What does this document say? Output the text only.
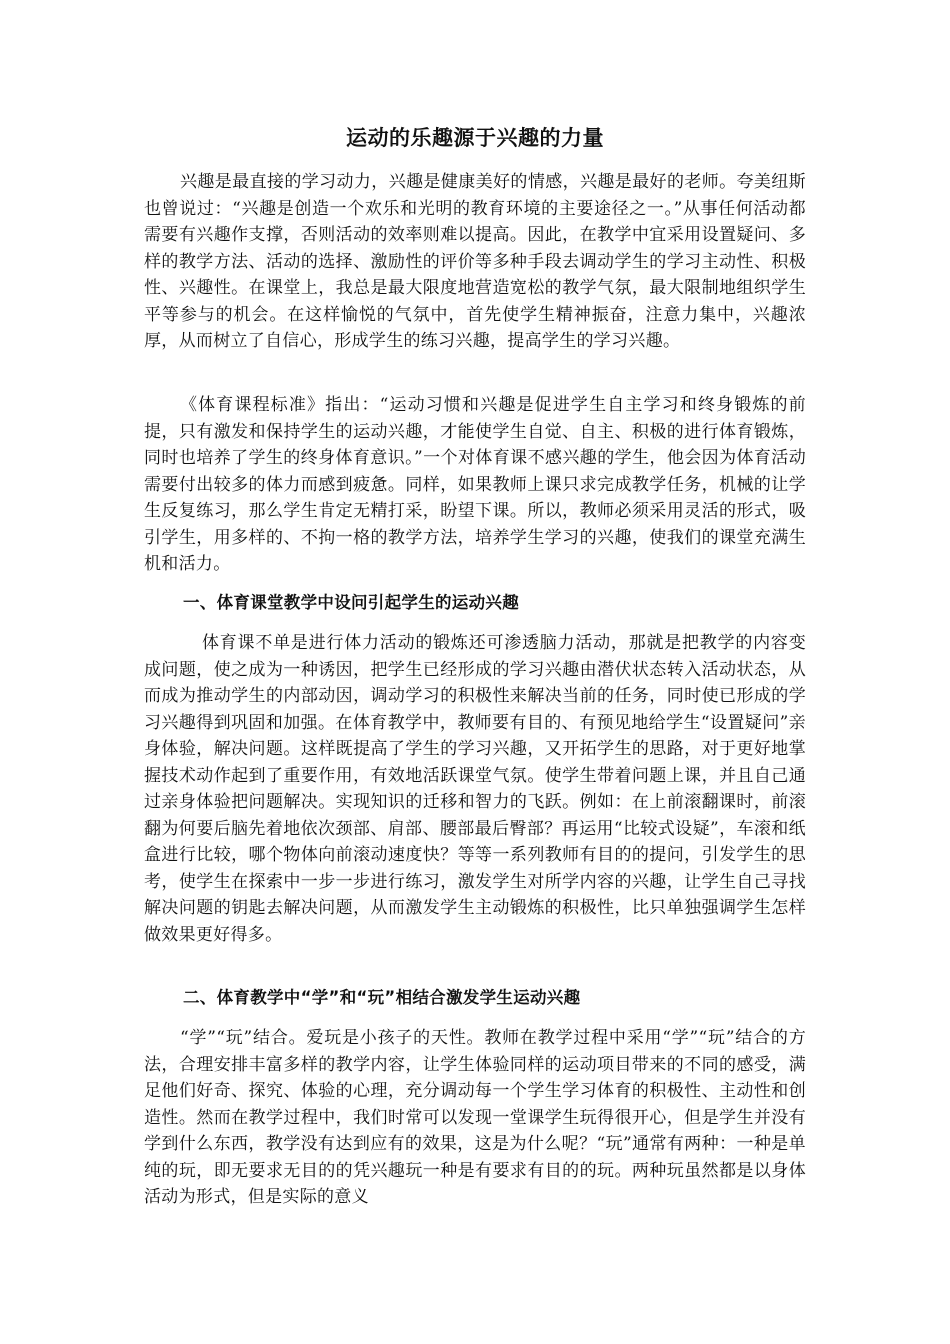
运动的乐趣源于兴趣的力量

兴趣是最直接的学习动力，兴趣是健康美好的情感，兴趣是最好的老师。夸美纽斯也曾说过：“兴趣是创造一个欢乐和光明的教育环境的主要途径之一。”从事任何活动都需要有兴趣作支撑，否则活动的效率则难以提高。因此，在教学中宜采用设置疑问、多样的教学方法、活动的选择、激励性的评价等多种手段去调动学生的学习主动性、积极性、兴趣性。在课堂上，我总是最大限度地营造宽松的教学气氛，最大限制地组织学生平等参与的机会。在这样愉悦的气氛中，首先使学生精神振奋，注意力集中，兴趣浓厚，从而树立了自信心，形成学生的练习兴趣，提高学生的学习兴趣。

《体育课程标准》指出：“运动习惯和兴趣是促进学生自主学习和终身锻炼的前提，只有激发和保持学生的运动兴趣，才能使学生自觉、自主、积极的进行体育锻炼，同时也培养了学生的终身体育意识。”一个对体育课不感兴趣的学生，他会因为体育活动需要付出较多的体力而感到疲惫。同样，如果教师上课只求完成教学任务，机械的让学生反复练习，那么学生肯定无精打采，盼望下课。所以，教师必须采用灵活的形式，吸引学生，用多样的、不拘一格的教学方法，培养学生学习的兴趣，使我们的课堂充满生机和活力。

一、体育课堂教学中设问引起学生的运动兴趣

体育课不单是进行体力活动的锻炼还可渗透脑力活动，那就是把教学的内容变成问题，使之成为一种诱因，把学生已经形成的学习兴趣由潜伏状态转入活动状态，从而成为推动学生的内部动因，调动学习的积极性来解决当前的任务，同时使已形成的学习兴趣得到巩固和加强。在体育教学中，教师要有目的、有预见地给学生“设置疑问”亲身体验，解决问题。这样既提高了学生的学习兴趣，又开拓学生的思路，对于更好地掌握技术动作起到了重要作用，有效地活跃课堂气氛。使学生带着问题上课，并且自己通过亲身体验把问题解决。实现知识的迁移和智力的飞跃。例如：在上前滚翻课时，前滚翻为何要后脑先着地依次颈部、肩部、腰部最后臀部？再运用“比较式设疑”，车滚和纸盒进行比较，哪个物体向前滚动速度快？等等一系列教师有目的的提问，引发学生的思考，使学生在探索中一步一步进行练习，激发学生对所学内容的兴趣，让学生自己寻找解决问题的钥匙去解决问题，从而激发学生主动锻炼的积极性，比只单独强调学生怎样做效果更好得多。

二、体育教学中“学”和“玩”相结合激发学生运动兴趣

“学”“玩”结合。爱玩是小孩子的天性。教师在教学过程中采用“学”“玩”结合的方法，合理安排丰富多样的教学内容，让学生体验同样的运动项目带来的不同的感受，满足他们好奇、探究、体验的心理，充分调动每一个学生学习体育的积极性、主动性和创造性。然而在教学过程中，我们时常可以发现一堂课学生玩得很开心，但是学生并没有学到什么东西，教学没有达到应有的效果，这是为什么呢？“玩”通常有两种：一种是单纯的玩，即无要求无目的的凭兴趣玩一种是有要求有目的的玩。两种玩虽然都是以身体活动为形式，但是实际的意义
